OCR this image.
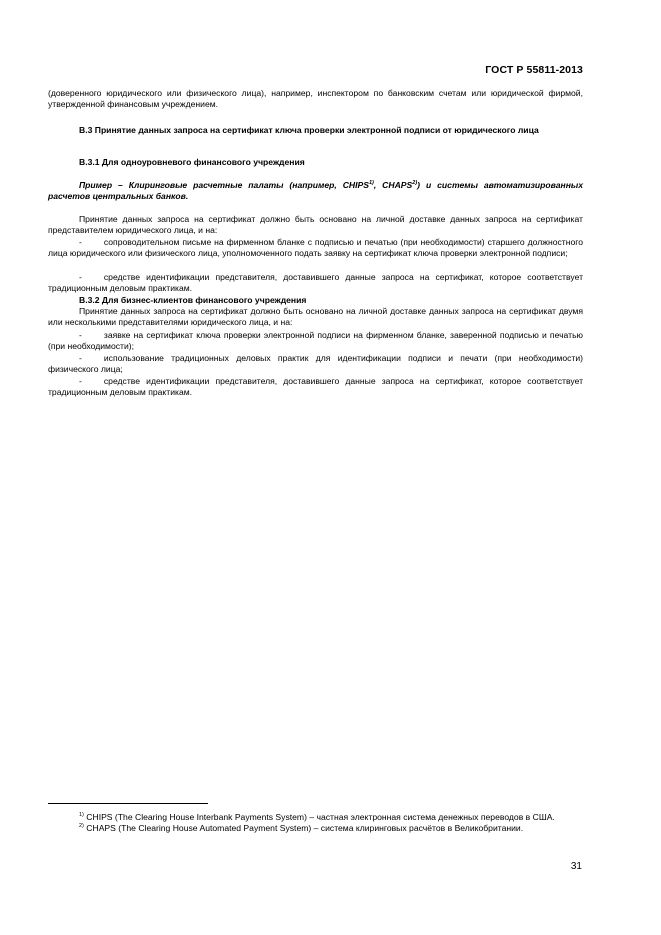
ГОСТ Р 55811-2013

(доверенного юридического или физического лица), например, инспектором по банковским счетам или юридической фирмой, утвержденной финансовым учреждением.

В.3 Принятие данных запроса на сертификат ключа проверки электронной подписи от юридического лица

В.3.1 Для одноуровневого финансового учреждения

Пример – Клиринговые расчетные палаты (например, CHIPS$^{1)}$, CHAPS$^{2)}$) и системы автоматизированных расчетов центральных банков.

Принятие данных запроса на сертификат должно быть основано на личной доставке данных запроса на сертификат представителем юридического лица, и на:

-	сопроводительном письме на фирменном бланке с подписью и печатью (при необходимости) старшего должностного лица юридического или физического лица, уполномоченного подать заявку на сертификат ключа проверки электронной подписи;

-	средстве идентификации представителя, доставившего данные запроса на сертификат, которое соответствует традиционным деловым практикам.

В.3.2 Для бизнес-клиентов финансового учреждения

Принятие данных запроса на сертификат должно быть основано на личной доставке данных запроса на сертификат двумя или несколькими представителями юридического лица, и на:

-	заявке на сертификат ключа проверки электронной подписи на фирменном бланке, заверенной подписью и печатью (при необходимости);

-	использование традиционных деловых практик для идентификации подписи и печати (при необходимости) физического лица;

-	средстве идентификации представителя, доставившего данные запроса на сертификат, которое соответствует традиционным деловым практикам.

$^{1)}$ CHIPS (The Clearing House Interbank Payments System) – частная электронная система денежных переводов в США.

$^{2)}$ CHAPS (The Clearing House Automated Payment System) – система клиринговых расчётов в Великобритании.

31
